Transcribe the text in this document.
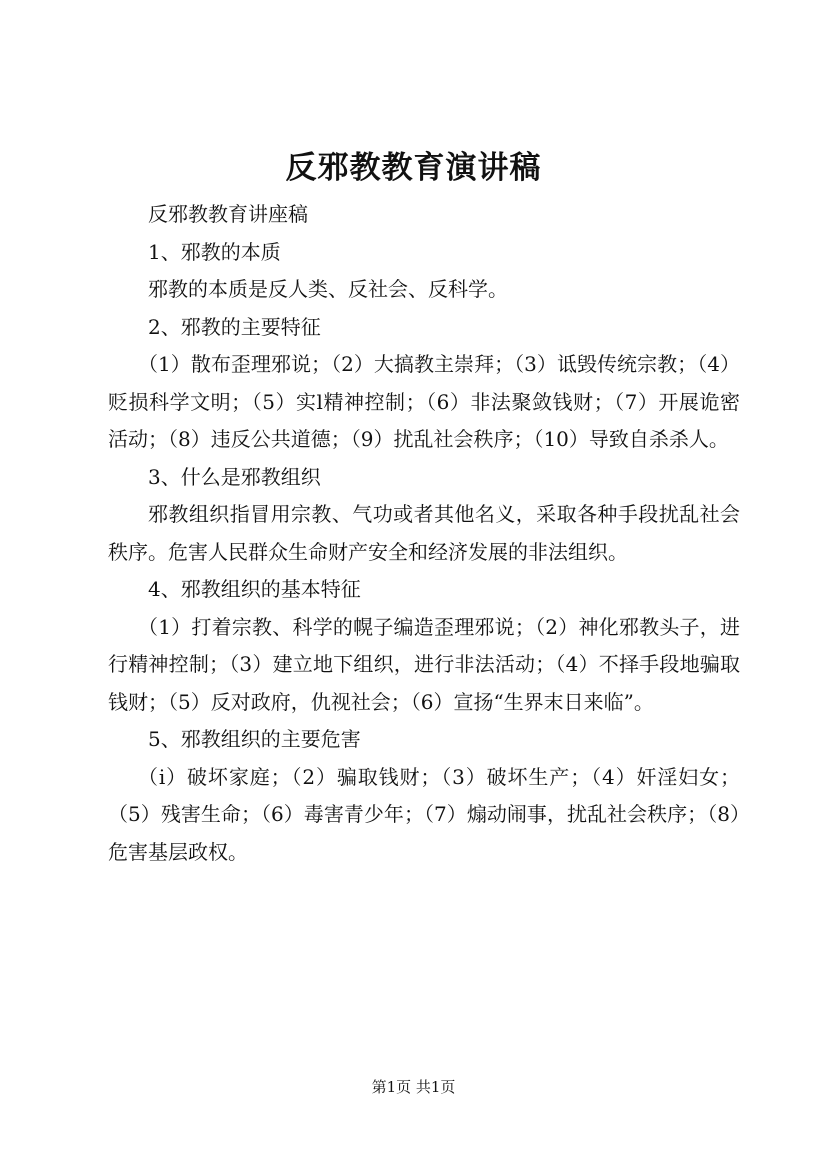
反邪教教育演讲稿

反邪教教育讲座稿

1、邪教的本质

邪教的本质是反人类、反社会、反科学。

2、邪教的主要特征

（1）散布歪理邪说；（2）大搞教主崇拜；（3）诋毁传统宗教；（4）贬损科学文明；（5）实l精神控制；（6）非法聚敛钱财；（7）开展诡密活动；（8）违反公共道德；（9）扰乱社会秩序；（10）导致自杀杀人。

3、什么是邪教组织

邪教组织指冒用宗教、气功或者其他名义，采取各种手段扰乱社会秩序。危害人民群众生命财产安全和经济发展的非法组织。

4、邪教组织的基本特征

（1）打着宗教、科学的幌子编造歪理邪说；（2）神化邪教头子，进行精神控制；（3）建立地下组织，进行非法活动；（4）不择手段地骗取钱财；（5）反对政府，仇视社会；（6）宣扬“生界末日来临”。

5、邪教组织的主要危害

（i）破坏家庭；（2）骗取钱财；（3）破坏生产；（4）奸淫妇女；（5）残害生命；（6）毒害青少年；（7）煽动闹事，扰乱社会秩序；（8）危害基层政权。

第1页 共1页
